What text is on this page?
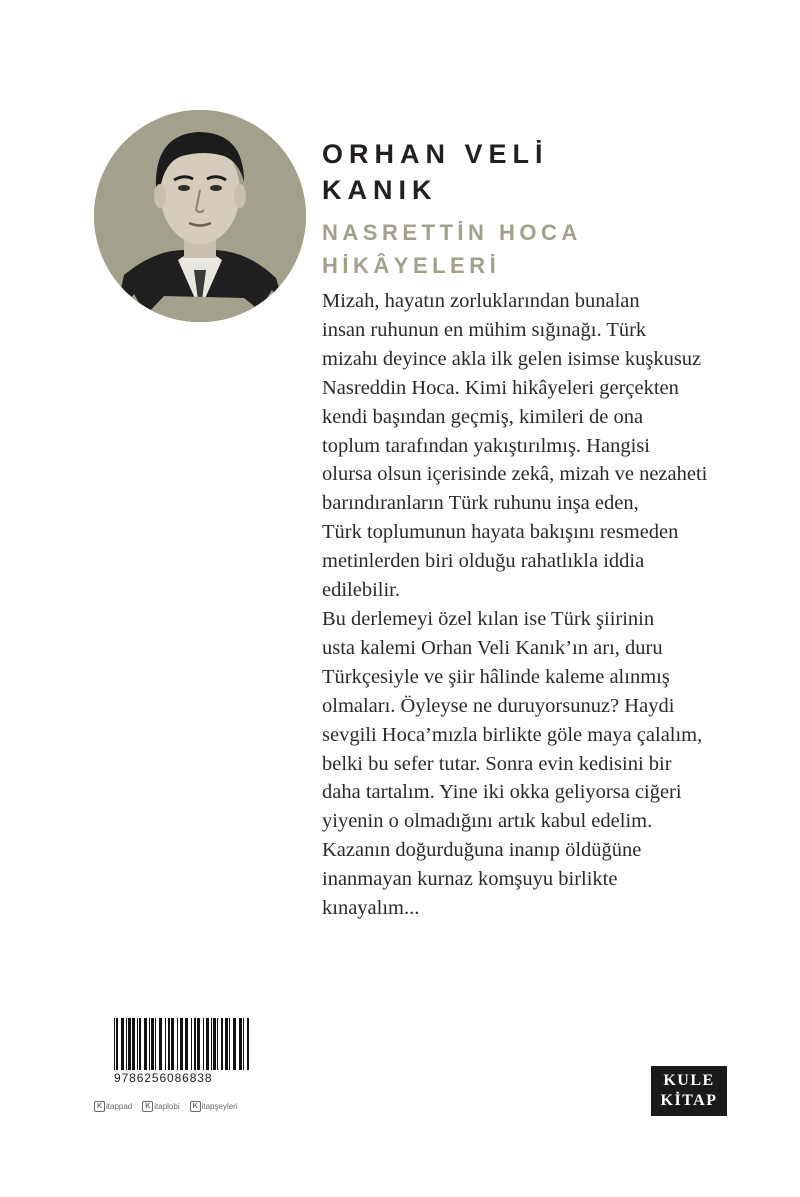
ORHAN VELİ
KANIK
NASRETTİN HOCA
HİKÂYELERİ

Mizah, hayatın zorluklarından bunalan

insan ruhunun en mühim sığınağı. Türk

mizahı deyince akla ilk gelen isimse kuşkusuz

Nasreddin Hoca. Kimi hikâyeleri gerçekten

kendi başından geçmiş, kimileri de ona

toplum tarafından yakıştırılmış. Hangisi

olursa olsun içerisinde zekâ, mizah ve nezaheti

barındıranların Türk ruhunu inşa eden,

Türk toplumunun hayata bakışını resmeden

metinlerden biri olduğu rahatlıkla iddia

edilebilir.

Bu derlemeyi özel kılan ise Türk şiirinin

usta kalemi Orhan Veli Kanık’ın arı, duru

Türkçesiyle ve şiir hâlinde kaleme alınmış

olmaları. Öyleyse ne duruyorsunuz? Haydi

sevgili Hoca’mızla birlikte göle maya çalalım,

belki bu sefer tutar. Sonra evin kedisini bir

daha tartalım. Yine iki okka geliyorsa ciğeri

yiyenin o olmadığını artık kabul edelim.

Kazanın doğurduğuna inanıp öldüğüne

inanmayan kurnaz komşuyu birlikte

kınayalım...

9786256086838
K itappad	K itaplobi	K itapşeyleri
KULE
KİTAP
